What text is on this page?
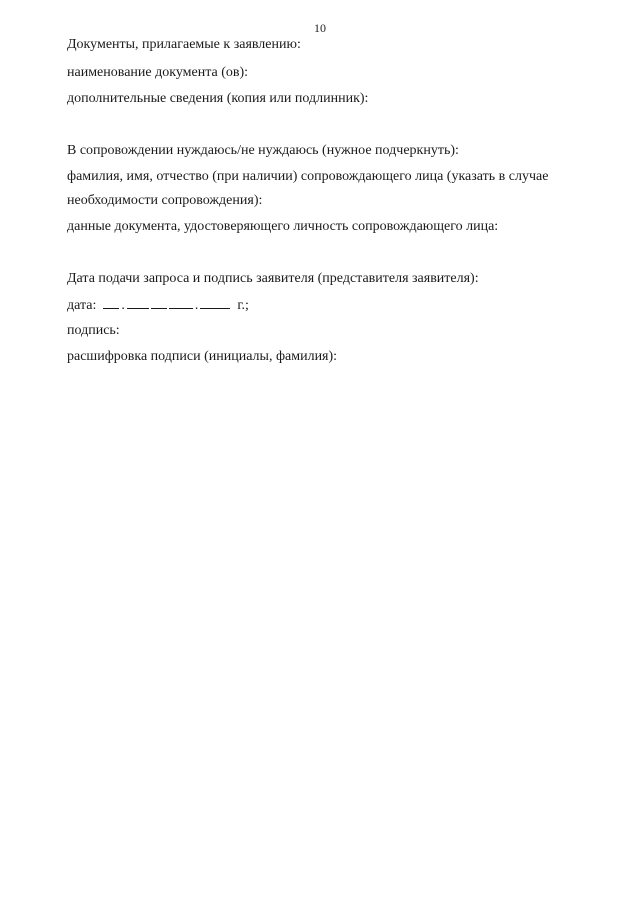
10
Документы, прилагаемые к заявлению:
наименование документа (ов):
дополнительные сведения (копия или подлинник):
В сопровождении нуждаюсь/не нуждаюсь (нужное подчеркнуть):
фамилия, имя, отчество (при наличии) сопровождающего лица (указать в случае
необходимости сопровождения):
данные документа, удостоверяющего личность сопровождающего лица:
Дата подачи запроса и подпись заявителя (представителя заявителя):
дата: .	.	г.;
подпись:
расшифровка подписи (инициалы, фамилия):
